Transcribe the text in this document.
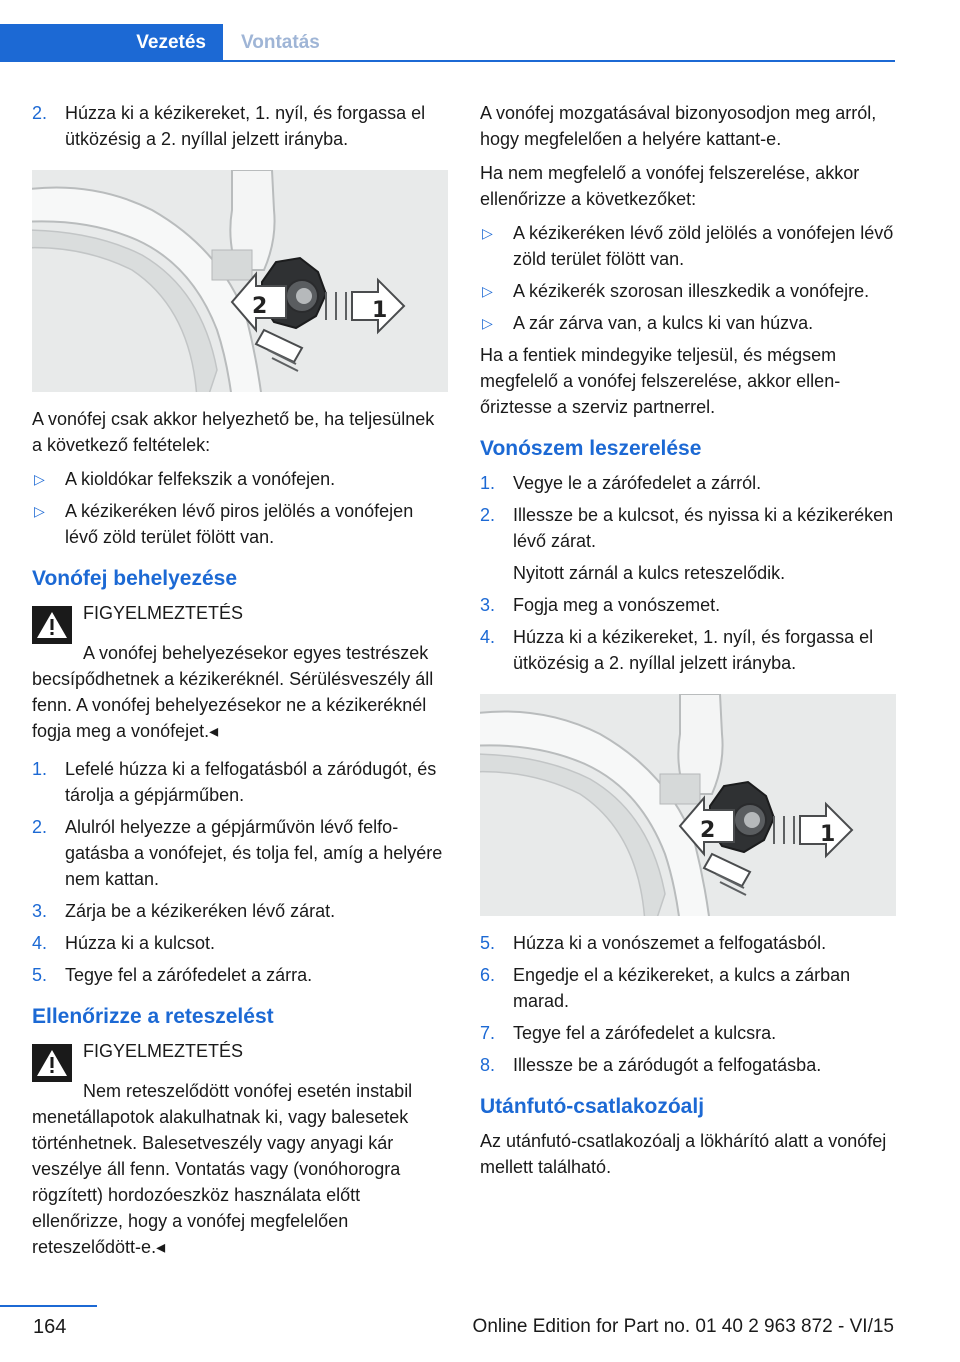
Vezetés	Vontatás
2. Húzza ki a kézikereket, 1. nyíl, és forgassa el ütközésig a 2. nyíllal jelzett irányba.
1
2

A vonófej csak akkor helyezhető be, ha teljesülnek a következő feltételek:

▷	A kioldókar felfekszik a vonófejen.
▷	A kézikeréken lévő piros jelölés a vonófejen lévő zöld terület fölött van.
Vonófej behelyezése
FIGYELMEZTETÉS
A vonófej behelyezésekor egyes testrészek becsípődhetnek a kézikeréknél. Sérülésveszély áll fenn. A vonófej behelyezésekor ne a kézikeréknél fogja meg a vonófejet.◂
1. Lefelé húzza ki a felfogatásból a záródugót, és tárolja a gépjárműben.
2. Alulról helyezze a gépjárművön lévő felfogatásba a vonófejet, és tolja fel, amíg a helyére nem kattan.
3. Zárja be a kézikeréken lévő zárat.
4. Húzza ki a kulcsot.
5. Tegye fel a zárófedelet a zárra.
Ellenőrizze a reteszelést
FIGYELMEZTETÉS
Nem reteszelődött vonófej esetén instabil menetállapotok alakulhatnak ki, vagy balesetek történhetnek. Balesetveszély vagy anyagi kár veszélye áll fenn. Vontatás vagy (vonóhorogra rögzített) hordozóeszköz használata előtt ellenőrizze, hogy a vonófej megfelelően reteszelődött-e.◂

A vonófej mozgatásával bizonyosodjon meg arról, hogy megfelelően a helyére kattant-e.

Ha nem megfelelő a vonófej felszerelése, akkor ellenőrizze a következőket:

▷	A kézikeréken lévő zöld jelölés a vonófejen lévő zöld terület fölött van.
▷	A kézikerék szorosan illeszkedik a vonófejre.
▷	A zár zárva van, a kulcs ki van húzva.

Ha a fentiek mindegyike teljesül, és mégsem megfelelő a vonófej felszerelése, akkor ellenőriztesse a szerviz partnerrel.

Vonószem leszerelése
1. Vegye le a zárófedelet a zárról.
2. Illessze be a kulcsot, és nyissa ki a kézikeréken lévő zárat.
Nyitott zárnál a kulcs reteszelődik.
3. Fogja meg a vonószemet.
4. Húzza ki a kézikereket, 1. nyíl, és forgassa el ütközésig a 2. nyíllal jelzett irányba.
1
2
5. Húzza ki a vonószemet a felfogatásból.
6. Engedje el a kézikereket, a kulcs a zárban marad.
7. Tegye fel a zárófedelet a kulcsra.
8. Illessze be a záródugót a felfogatásba.
Utánfutó-csatlakozóalj

Az utánfutó-csatlakozóalj a lökhárító alatt a vonófej mellett található.

164	Online Edition for Part no. 01 40 2 963 872 - VI/15
